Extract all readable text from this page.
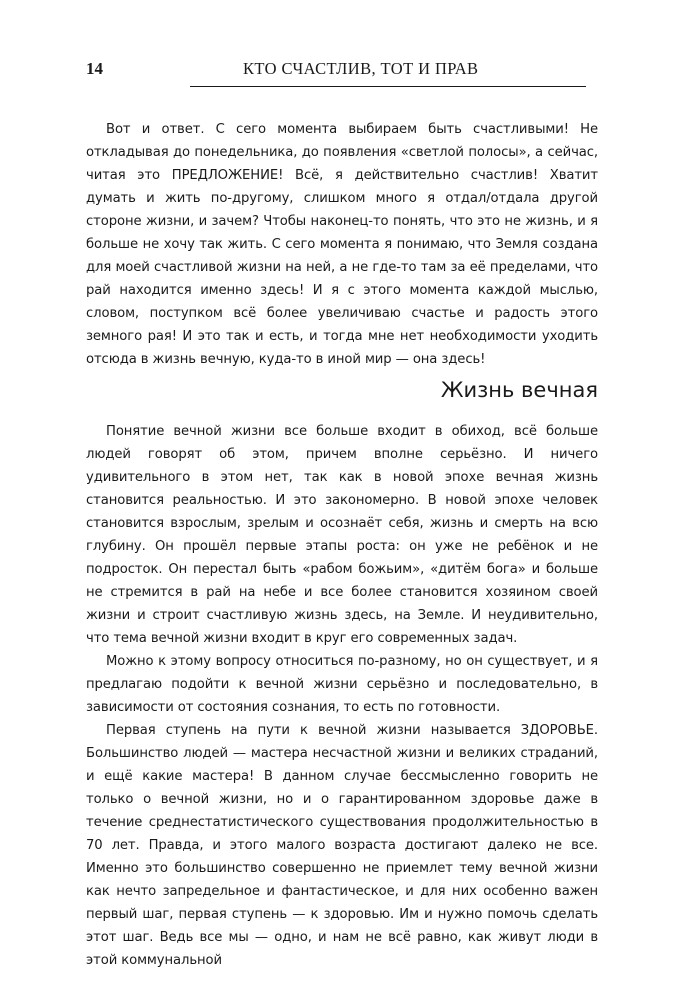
14	КТО СЧАСТЛИВ, ТОТ И ПРАВ

Вот и ответ. С сего момента выбираем быть счастливыми! Не откладывая до понедельника, до появления «светлой полосы», а сейчас, читая это ПРЕДЛОЖЕНИЕ! Всё, я действительно счастлив! Хватит думать и жить по-другому, слишком много я отдал/отдала другой стороне жизни, и зачем? Чтобы наконец-то понять, что это не жизнь, и я больше не хочу так жить. С сего момента я понимаю, что Земля создана для моей счастливой жизни на ней, а не где-то там за её пределами, что рай находится именно здесь! И я с этого момента каждой мыслью, словом, поступком всё более увеличиваю счастье и радость этого земного рая! И это так и есть, и тогда мне нет необходимости уходить отсюда в жизнь вечную, куда-то в иной мир — она здесь!

Жизнь вечная

Понятие вечной жизни все больше входит в обиход, всё больше людей говорят об этом, причем вполне серьёзно. И ничего удивительного в этом нет, так как в новой эпохе вечная жизнь становится реальностью. И это закономерно. В новой эпохе человек становится взрослым, зрелым и осознаёт себя, жизнь и смерть на всю глубину. Он прошёл первые этапы роста: он уже не ребёнок и не подросток. Он перестал быть «рабом божьим», «дитём бога» и больше не стремится в рай на небе и все более становится хозяином своей жизни и строит счастливую жизнь здесь, на Земле. И неудивительно, что тема вечной жизни входит в круг его современных задач.

Можно к этому вопросу относиться по-разному, но он существует, и я предлагаю подойти к вечной жизни серьёзно и последовательно, в зависимости от состояния сознания, то есть по готовности.

Первая ступень на пути к вечной жизни называется ЗДОРОВЬЕ. Большинство людей — мастера несчастной жизни и великих страданий, и ещё какие мастера! В данном случае бессмысленно говорить не только о вечной жизни, но и о гарантированном здоровье даже в течение среднестатистического существования продолжительностью в 70 лет. Правда, и этого малого возраста достигают далеко не все. Именно это большинство совершенно не приемлет тему вечной жизни как нечто запредельное и фантастическое, и для них особенно важен первый шаг, первая ступень — к здоровью. Им и нужно помочь сделать этот шаг. Ведь все мы — одно, и нам не всё равно, как живут люди в этой коммунальной
